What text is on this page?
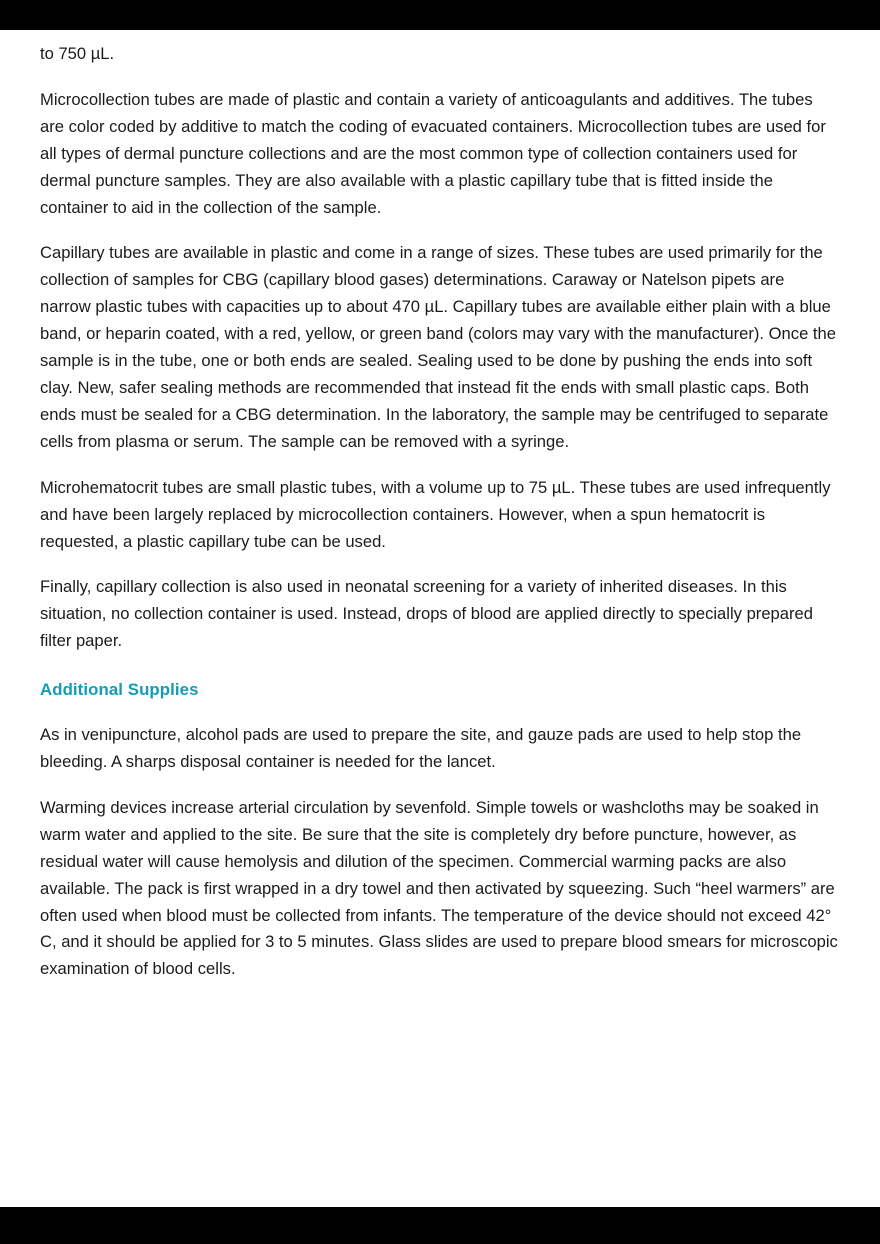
to 750 µL.

Microcollection tubes are made of plastic and contain a variety of anticoagulants and additives. The tubes are color coded by additive to match the coding of evacuated containers. Microcollection tubes are used for all types of dermal puncture collections and are the most common type of collection containers used for dermal puncture samples. They are also available with a plastic capillary tube that is fitted inside the container to aid in the collection of the sample.

Capillary tubes are available in plastic and come in a range of sizes. These tubes are used primarily for the collection of samples for CBG (capillary blood gases) determinations. Caraway or Natelson pipets are narrow plastic tubes with capacities up to about 470 µL. Capillary tubes are available either plain with a blue band, or heparin coated, with a red, yellow, or green band (colors may vary with the manufacturer). Once the sample is in the tube, one or both ends are sealed. Sealing used to be done by pushing the ends into soft clay. New, safer sealing methods are recommended that instead fit the ends with small plastic caps. Both ends must be sealed for a CBG determination. In the laboratory, the sample may be centrifuged to separate cells from plasma or serum. The sample can be removed with a syringe.

Microhematocrit tubes are small plastic tubes, with a volume up to 75 µL. These tubes are used infrequently and have been largely replaced by microcollection containers. However, when a spun hematocrit is requested, a plastic capillary tube can be used.

Finally, capillary collection is also used in neonatal screening for a variety of inherited diseases. In this situation, no collection container is used. Instead, drops of blood are applied directly to specially prepared filter paper.

Additional Supplies

As in venipuncture, alcohol pads are used to prepare the site, and gauze pads are used to help stop the bleeding. A sharps disposal container is needed for the lancet.

Warming devices increase arterial circulation by sevenfold. Simple towels or washcloths may be soaked in warm water and applied to the site. Be sure that the site is completely dry before puncture, however, as residual water will cause hemolysis and dilution of the specimen. Commercial warming packs are also available. The pack is first wrapped in a dry towel and then activated by squeezing. Such “heel warmers” are often used when blood must be collected from infants. The temperature of the device should not exceed 42° C, and it should be applied for 3 to 5 minutes. Glass slides are used to prepare blood smears for microscopic examination of blood cells.
